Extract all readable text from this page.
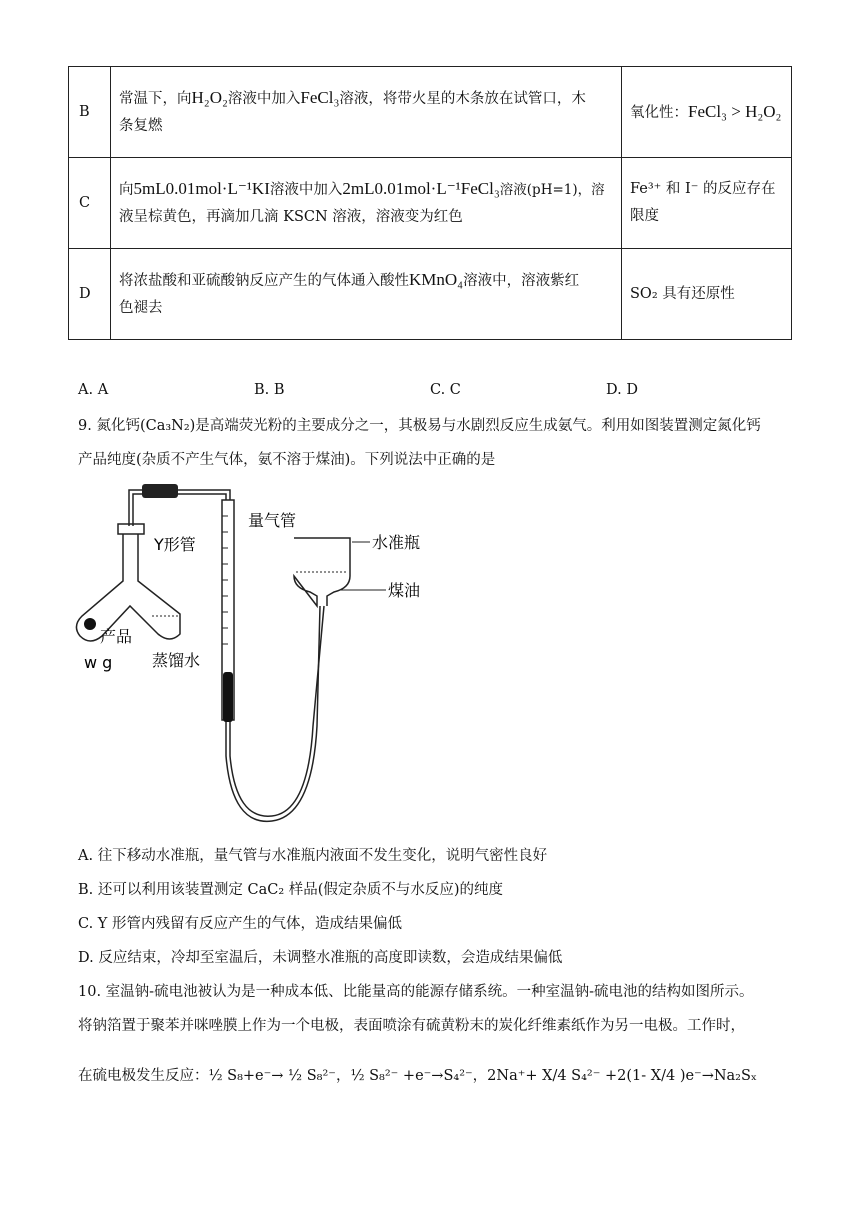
B	常温下，向H₂O₂溶液中加入FeCl₃溶液，将带火星的木条放在试管口，木
条复燃	氧化性：FeCl₃ > H₂O₂
C	向5mL0.01mol·L⁻¹KI溶液中加入2mL0.01mol·L⁻¹FeCl₃溶液(pH=1)，溶
液呈棕黄色，再滴加几滴 KSCN 溶液，溶液变为红色	Fe³⁺ 和 I⁻ 的反应存在
限度
D	将浓盐酸和亚硫酸钠反应产生的气体通入酸性KMnO₄溶液中，溶液紫红
色褪去	SO₂ 具有还原性
A. A	B. B	C. C	D. D
9. 氮化钙(Ca₃N₂)是高端荧光粉的主要成分之一，其极易与水剧烈反应生成氨气。利用如图装置测定氮化钙
产品纯度(杂质不产生气体，氨不溶于煤油)。下列说法中正确的是
Y形管
量气管
水准瓶
煤油
产品
w g 蒸馏水
A. 往下移动水准瓶，量气管与水准瓶内液面不发生变化，说明气密性良好
B. 还可以利用该装置测定 CaC₂ 样品(假定杂质不与水反应)的纯度
C. Y 形管内残留有反应产生的气体，造成结果偏低
D. 反应结束，冷却至室温后，未调整水准瓶的高度即读数，会造成结果偏低
10. 室温钠-硫电池被认为是一种成本低、比能量高的能源存储系统。一种室温钠-硫电池的结构如图所示。
将钠箔置于聚苯并咪唑膜上作为一个电极，表面喷涂有硫黄粉末的炭化纤维素纸作为另一电极。工作时，
在硫电极发生反应：½ S₈+e⁻→ ½ S₈²⁻，½ S₈²⁻ +e⁻→S₄²⁻，2Na⁺+ X/4 S₄²⁻ +2(1- X/4 )e⁻→Na₂Sₓ
